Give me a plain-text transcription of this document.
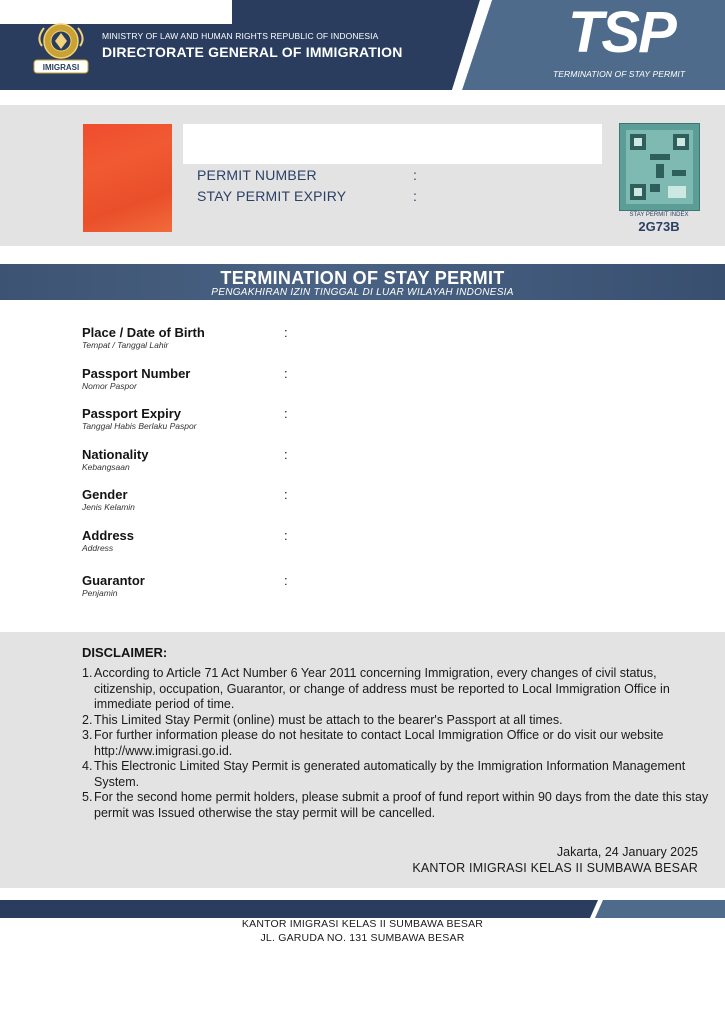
IMIGRASI
MINISTRY OF LAW AND HUMAN RIGHTS REPUBLIC OF INDONESIA
DIRECTORATE GENERAL OF IMMIGRATION	TSP
TERMINATION OF STAY PERMIT
PERMIT NUMBER	:
STAY PERMIT EXPIRY	:
STAY PERMIT INDEX
2G73B
TERMINATION OF STAY PERMIT
PENGAKHIRAN IZIN TINGGAL DI LUAR WILAYAH INDONESIA
Place / Date of Birth
Tempat / Tanggal Lahir
:
Passport Number
Nomor Paspor
:
Passport Expiry
Tanggal Habis Berlaku Paspor
:
Nationality
Kebangsaan
:
Gender
Jenis Kelamin
:
Address
Address
:
Guarantor
Penjamin
:
DISCLAIMER:
1. According to Article 71 Act Number 6 Year 2011 concerning Immigration, every changes of civil status, citizenship, occupation, Guarantor, or change of address must be reported to Local Immigration Office in immediate period of time.
2. This Limited Stay Permit (online) must be attach to the bearer's Passport at all times.
3. For further information please do not hesitate to contact Local Immigration Office or do visit our website http://www.imigrasi.go.id.
4. This Electronic Limited Stay Permit is generated automatically by the Immigration Information Management System.
5. For the second home permit holders, please submit a proof of fund report within 90 days from the date this stay permit was Issued otherwise the stay permit will be cancelled.
Jakarta, 24 January 2025
KANTOR IMIGRASI KELAS II SUMBAWA BESAR
KANTOR IMIGRASI KELAS II SUMBAWA BESAR
JL. GARUDA NO. 131 SUMBAWA BESAR
